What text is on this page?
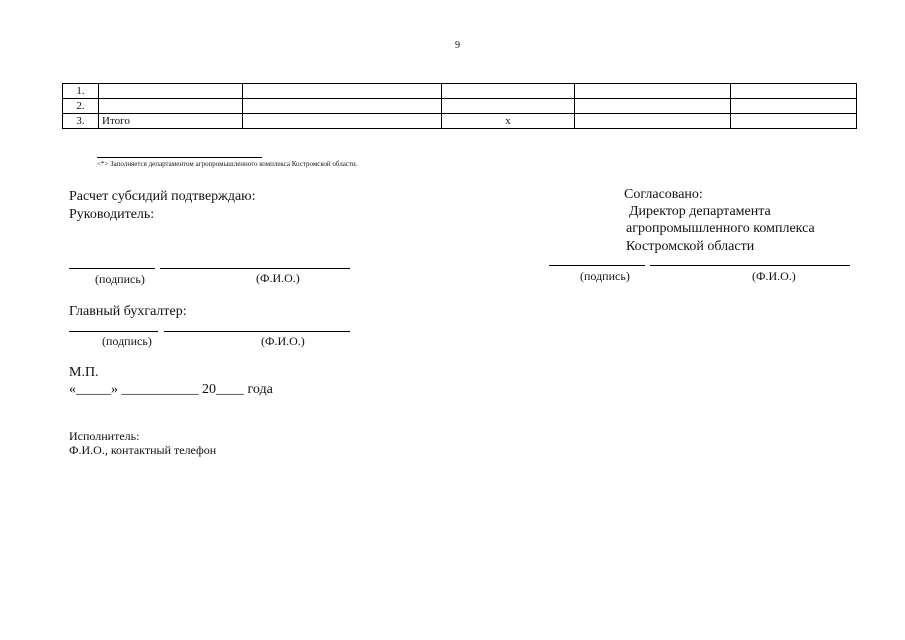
9
1.					
2.					
3.	Итого		х		
<*> Заполняется департаментом агропромышленного комплекса Костромской области.
Расчет субсидий подтверждаю:
Руководитель:
(подпись)	(Ф.И.О.)
Главный бухгалтер:
(подпись)	(Ф.И.О.)
М.П.
«_____» ___________ 20____ года
Исполнитель:
Ф.И.О., контактный телефон
Согласовано:
Директор департамента
агропромышленного комплекса
Костромской области
(подпись)	(Ф.И.О.)
